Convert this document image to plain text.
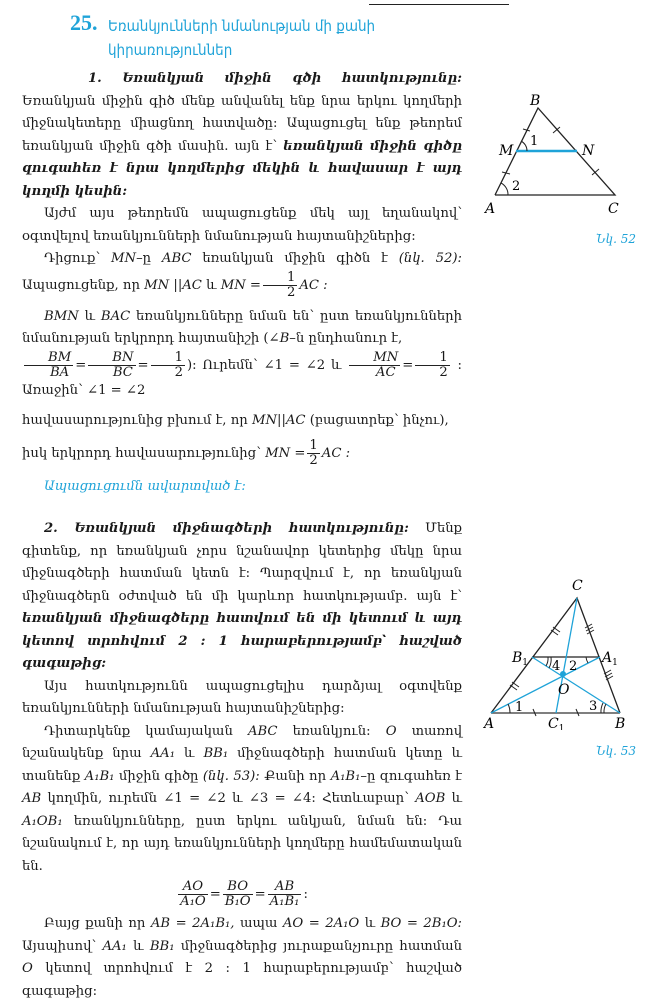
25. Եռանկյունների նմանության մի քանի կիրառություններ

1. Եռանկյան միջին գծի հատկությունը: Եռանկյան միջին գիծ մենք անվանել ենք նրա երկու կողմերի միջնակետերը միացնող հատվածը: Ապացուցել ենք թեորեմ եռանկյան միջին գծի մասին. այն է՝ եռանկյան միջին գիծը զուգահեռ է նրա կողմերից մեկին և հավասար է այդ կողմի կեսին:

Այժմ այս թեորեմն ապացուցենք մեկ այլ եղանակով՝ օգտվելով եռանկյունների նմանության հայտանիշներից:

Դիցուք՝ MN–ը ABC եռանկյան միջին գիծն է (նկ. 52): Ապացուցենք, որ MN ||AC և MN = $\frac{1}{2}$ AC :

BMN և BAC եռանկյունները նման են՝ ըստ եռանկյունների նմանության երկրորդ հայտանիշի (∠B–ն ընդհանուր է,

$\frac{BM}{BA} = \frac{BN}{BC} = \frac{1}{2}$ ): Ուրեմն՝ ∠1 = ∠2 և $\frac{MN}{AC} = \frac{1}{2}$ : Առաջին՝ ∠1 = ∠2

հավասարությունից բխում է, որ MN||AC (բացատրեք՝ ինչու),

իսկ երկրորդ հավասարությունից՝ MN = $\frac{1}{2}$ AC :

Ապացուցումն ավարտված է:

2. Եռանկյան միջնագծերի հատկությունը: Մենք գիտենք, որ եռանկյան չորս նշանավոր կետերից մեկը նրա միջնագծերի հատման կետն է: Պարզվում է, որ եռանկյան միջնագծերն օժտված են մի կարևոր հատկությամբ. այն է՝ եռանկյան միջնագծերը հատվում են մի կետում և այդ կետով տրոհվում 2 : 1 հարաբերությամբ՝ հաշված գագաթից:

Այս հատկությունն ապացուցելիս դարձյալ օգտվենք եռանկյունների նմանության հայտանիշներից:

Դիտարկենք կամայական ABC եռանկյուն: O տառով նշանակենք նրա AA₁ և BB₁ միջնագծերի հատման կետը և տանենք A₁B₁ միջին գիծը (նկ. 53): Քանի որ A₁B₁–ը զուգահեռ է AB կողմին, ուրեմն ∠1 = ∠2 և ∠3 = ∠4: Հետևաբար՝ AOB և A₁OB₁ եռանկյունները, ըստ երկու անկյան, նման են: Դա նշանակում է, որ այդ եռանկյունների կողմերը համեմատական են.

$\frac{AO}{\text{A₁O}} = \frac{BO}{\text{B₁O}} = \frac{AB}{\text{A₁B₁}}$ :

Բայց քանի որ AB = 2A₁B₁, ապա AO = 2A₁O և BO = 2B₁O: Այսպիսով՝ AA₁ և BB₁ միջնագծերից յուրաքանչյուրը հատման O կետով տրոհվում է 2 : 1 հարաբերությամբ՝ հաշված գագաթից:

B
M	N
A	C
1
2
Նկ. 52
C
$B_1$	$A_1$
O
A	$C_1$	B
1
2
3
4
Նկ. 53
